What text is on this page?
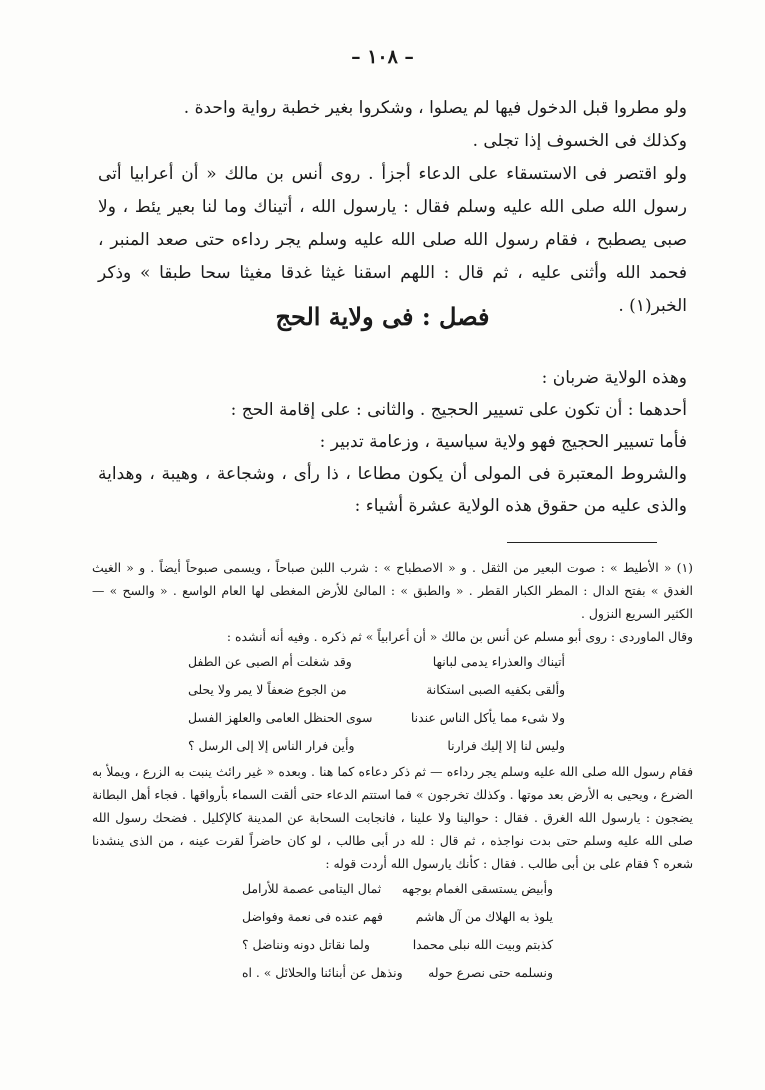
– ١٠٨ –

ولو مطروا قبل الدخول فيها لم يصلوا ، وشكروا بغير خطبة رواية واحدة .

وكذلك فى الخسوف إذا تجلى .

ولو اقتصر فى الاستسقاء على الدعاء أجزأ . روى أنس بن مالك « أن أعرابيا أتى رسول الله صلى الله عليه وسلم فقال : يارسول الله ، أتيناك وما لنا بعير يئط ، ولا صبى يصطبح ، فقام رسول الله صلى الله عليه وسلم يجر رداءه حتى صعد المنبر ، فحمد الله وأثنى عليه ، ثم قال : اللهم اسقنا غيثا غدقا مغيثا سحا طبقا » وذكر الخبر(١) .

فصل : فى ولاية الحج

وهذه الولاية ضربان :

أحدهما : أن تكون على تسيير الحجيج . والثانى : على إقامة الحج :

فأما تسيير الحجيج فهو ولاية سياسية ، وزعامة تدبير :

والشروط المعتبرة فى المولى أن يكون مطاعا ، ذا رأى ، وشجاعة ، وهيبة ، وهداية والذى عليه من حقوق هذه الولاية عشرة أشياء :

(١) « الأطيط » : صوت البعير من الثقل . و « الاصطباح » : شرب اللبن صباحاً ، ويسمى صبوحاً أيضاً . و « الغيث الغدق » بفتح الدال : المطر الكبار القطر . « والطبق » : المالئ للأرض المغطى لها العام الواسع . « والسح » — الكثير السريع النزول .

وقال الماوردى : روى أبو مسلم عن أنس بن مالك « أن أعرابياً » ثم ذكره . وفيه أنه أنشده :

أتيناك والعذراء يدمى لبانها
وقد شغلت أم الصبى عن الطفل
وألقى بكفيه الصبى استكانة
من الجوع ضعفاً لا يمر ولا يحلى
ولا شىء مما يأكل الناس عندنا
سوى الحنظل العامى والعلهز الفسل
وليس لنا إلا إليك فرارنا
وأين فرار الناس إلا إلى الرسل ؟

فقام رسول الله صلى الله عليه وسلم يجر رداءه — ثم ذكر دعاءه كما هنا . وبعده « غير رائث ينبت به الزرع ، ويملأ به الضرع ، ويحيى به الأرض بعد موتها . وكذلك تخرجون » فما استتم الدعاء حتى ألقت السماء بأرواقها . فجاء أهل البطانة يضجون : يارسول الله الغرق . فقال : حوالينا ولا علينا ، فانجابت السحابة عن المدينة كالإكليل . فضحك رسول الله صلى الله عليه وسلم حتى بدت نواجذه ، ثم قال : لله در أبى طالب ، لو كان حاضراً لقرت عينه ، من الذى ينشدنا شعره ؟ فقام على بن أبى طالب . فقال : كأنك يارسول الله أردت قوله :

وأبيض يستسقى الغمام بوجهه
ثمال اليتامى عصمة للأرامل
يلوذ به الهلاك من آل هاشم
فهم عنده فى نعمة وفواضل
كذبتم وبيت الله نبلى محمدا
ولما نقاتل دونه ونناضل ؟
ونسلمه حتى نصرع حوله
ونذهل عن أبنائنا والحلائل » . اه
